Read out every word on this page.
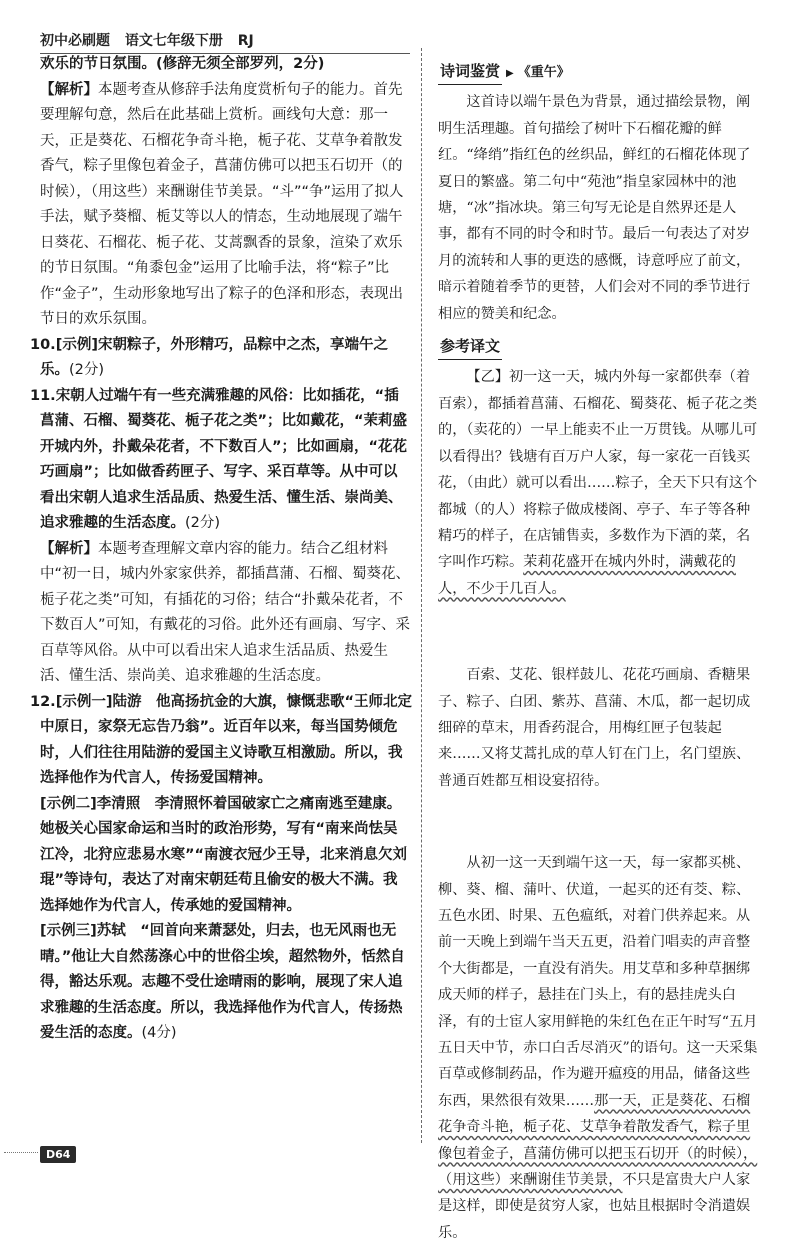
初中必刷题 语文七年级下册 RJ

欢乐的节日氛围。(修辞无须全部罗列，2分)

【解析】本题考查从修辞手法角度赏析句子的能力。首先要理解句意，然后在此基础上赏析。画线句大意：那一天，正是葵花、石榴花争奇斗艳，栀子花、艾草争着散发香气，粽子里像包着金子，菖蒲仿佛可以把玉石切开（的时候），（用这些）来酬谢佳节美景。“斗”“争”运用了拟人手法，赋予葵榴、栀艾等以人的情态，生动地展现了端午日葵花、石榴花、栀子花、艾蒿飘香的景象，渲染了欢乐的节日氛围。“角黍包金”运用了比喻手法，将“粽子”比作“金子”，生动形象地写出了粽子的色泽和形态，表现出节日的欢乐氛围。

10.[示例]宋朝粽子，外形精巧，品粽中之杰，享端午之乐。(2分)

11.宋朝人过端午有一些充满雅趣的风俗：比如插花，“插菖蒲、石榴、蜀葵花、栀子花之类”；比如戴花，“茉莉盛开城内外，扑戴朵花者，不下数百人”；比如画扇，“花花巧画扇”；比如做香药匣子、写字、采百草等。从中可以看出宋朝人追求生活品质、热爱生活、懂生活、崇尚美、追求雅趣的生活态度。(2分)

【解析】本题考查理解文章内容的能力。结合乙组材料中“初一日，城内外家家供养，都插菖蒲、石榴、蜀葵花、栀子花之类”可知，有插花的习俗；结合“扑戴朵花者，不下数百人”可知，有戴花的习俗。此外还有画扇、写字、采百草等风俗。从中可以看出宋人追求生活品质、热爱生活、懂生活、崇尚美、追求雅趣的生活态度。

12.[示例一]陆游　他高扬抗金的大旗，慷慨悲歌“王师北定中原日，家祭无忘告乃翁”。近百年以来，每当国势倾危时，人们往往用陆游的爱国主义诗歌互相激励。所以，我选择他作为代言人，传扬爱国精神。

[示例二]李清照　李清照怀着国破家亡之痛南逃至建康。她极关心国家命运和当时的政治形势，写有“南来尚怯吴江冷，北狩应悲易水寒”“南渡衣冠少王导，北来消息欠刘琨”等诗句，表达了对南宋朝廷苟且偷安的极大不满。我选择她作为代言人，传承她的爱国精神。

[示例三]苏轼　“回首向来萧瑟处，归去，也无风雨也无晴。”他让大自然荡涤心中的世俗尘埃，超然物外，恬然自得，豁达乐观。志趣不受仕途晴雨的影响，展现了宋人追求雅趣的生活态度。所以，我选择他作为代言人，传扬热爱生活的态度。(4分)

诗词鉴赏 ▶ 《重午》

这首诗以端午景色为背景，通过描绘景物，阐明生活理趣。首句描绘了树叶下石榴花瓣的鲜红。“绛绡”指红色的丝织品，鲜红的石榴花体现了夏日的繁盛。第二句中“苑池”指皇家园林中的池塘，“冰”指冰块。第三句写无论是自然界还是人事，都有不同的时令和时节。最后一句表达了对岁月的流转和人事的更迭的感慨，诗意呼应了前文，暗示着随着季节的更替，人们会对不同的季节进行相应的赞美和纪念。

参考译文

【乙】初一这一天，城内外每一家都供奉（着百索），都插着菖蒲、石榴花、蜀葵花、栀子花之类的，（卖花的）一早上能卖不止一万贯钱。从哪儿可以看得出？钱塘有百万户人家，每一家花一百钱买花，（由此）就可以看出……粽子，全天下只有这个都城（的人）将粽子做成楼阁、亭子、车子等各种精巧的样子，在店铺售卖，多数作为下酒的菜，名字叫作巧粽。茉莉花盛开在城内外时，满戴花的人，不少于几百人。

百索、艾花、银样鼓儿、花花巧画扇、香糖果子、粽子、白团、紫苏、菖蒲、木瓜，都一起切成细碎的草末，用香药混合，用梅红匣子包装起来……又将艾蒿扎成的草人钉在门上，名门望族、普通百姓都互相设宴招待。

从初一这一天到端午这一天，每一家都买桃、柳、葵、榴、蒲叶、伏道，一起买的还有茭、粽、五色水团、时果、五色瘟纸，对着门供养起来。从前一天晚上到端午当天五更，沿着门唱卖的声音整个大街都是，一直没有消失。用艾草和多种草捆绑成天师的样子，悬挂在门头上，有的悬挂虎头白泽，有的士宦人家用鲜艳的朱红色在正午时写“五月五日天中节，赤口白舌尽消灭”的语句。这一天采集百草或修制药品，作为避开瘟疫的用品，储备这些东西，果然很有效果……那一天，正是葵花、石榴花争奇斗艳，栀子花、艾草争着散发香气，粽子里像包着金子，菖蒲仿佛可以把玉石切开（的时候），（用这些）来酬谢佳节美景，不只是富贵大户人家是这样，即使是贫穷人家，也姑且根据时令消遣娱乐。

D64
